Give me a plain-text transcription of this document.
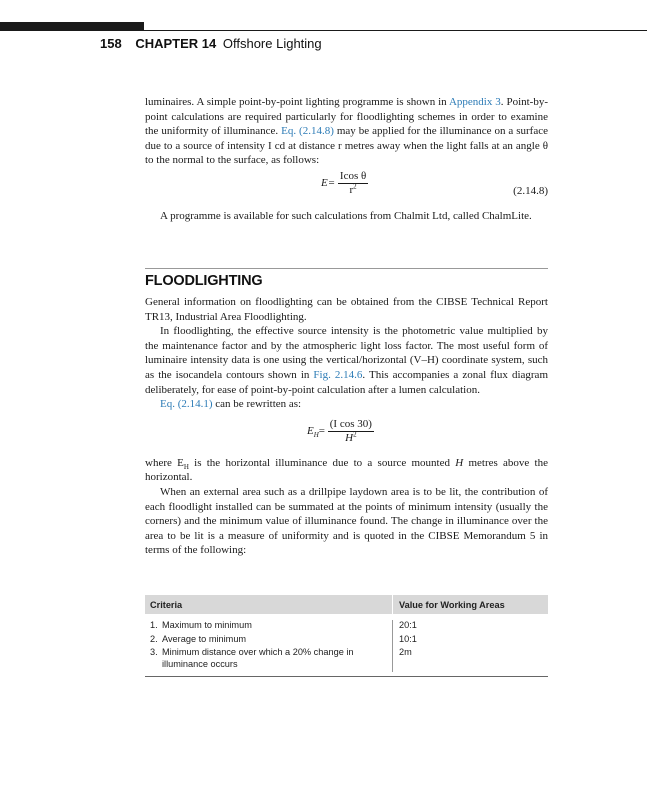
158 CHAPTER 14 Offshore Lighting

luminaires. A simple point-by-point lighting programme is shown in Appendix 3. Point-by-point calculations are required particularly for floodlighting schemes in order to examine the uniformity of illuminance. Eq. (2.14.8) may be applied for the illuminance on a surface due to a source of intensity I cd at distance r metres away when the light falls at an angle θ to the normal to the surface, as follows:

$E= \frac{\text{Icos θ}}{r^2}$	(2.14.8)

A programme is available for such calculations from Chalmit Ltd, called ChalmLite.

FLOODLIGHTING

General information on floodlighting can be obtained from the CIBSE Technical Report TR13, Industrial Area Floodlighting.

In floodlighting, the effective source intensity is the photometric value multiplied by the maintenance factor and by the atmospheric light loss factor. The most useful form of luminaire intensity data is one using the vertical/horizontal (V–H) coordinate system, such as the isocandela contours shown in Fig. 2.14.6. This accompanies a zonal flux diagram deliberately, for ease of point-by-point calculation after a lumen calculation.

Eq. (2.14.1) can be rewritten as:

$E_H= \frac{\text{(I cos 30)}}{H^2}$

where $E_H$ is the horizontal illuminance due to a source mounted H metres above the horizontal.

When an external area such as a drillpipe laydown area is to be lit, the contribution of each floodlight installed can be summated at the points of minimum intensity (usually the corners) and the minimum value of illuminance found. The change in illuminance over the area to be lit is a measure of uniformity and is quoted in the CIBSE Memorandum 5 in terms of the following:

Criteria	Value for Working Areas
1. Maximum to minimum
2. Average to minimum
3. Minimum distance over which a 20% change in illuminance occurs
20:1
10:1
2m
